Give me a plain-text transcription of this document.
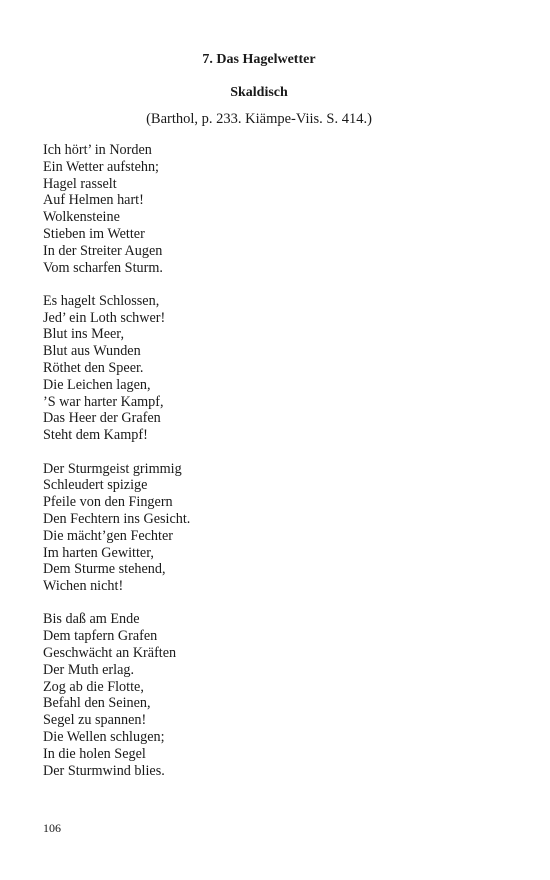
7. Das Hagelwetter
Skaldisch
(Barthol, p. 233. Kiämpe-Viis. S. 414.)
Ich hört’ in Norden
Ein Wetter aufstehn;
Hagel rasselt
Auf Helmen hart!
Wolkensteine
Stieben im Wetter
In der Streiter Augen
Vom scharfen Sturm.
Es hagelt Schlossen,
Jed’ ein Loth schwer!
Blut ins Meer,
Blut aus Wunden
Röthet den Speer.
Die Leichen lagen,
’S war harter Kampf,
Das Heer der Grafen
Steht dem Kampf!
Der Sturmgeist grimmig
Schleudert spizige
Pfeile von den Fingern
Den Fechtern ins Gesicht.
Die mächt’gen Fechter
Im harten Gewitter,
Dem Sturme stehend,
Wichen nicht!
Bis daß am Ende
Dem tapfern Grafen
Geschwächt an Kräften
Der Muth erlag.
Zog ab die Flotte,
Befahl den Seinen,
Segel zu spannen!
Die Wellen schlugen;
In die holen Segel
Der Sturmwind blies.
106
